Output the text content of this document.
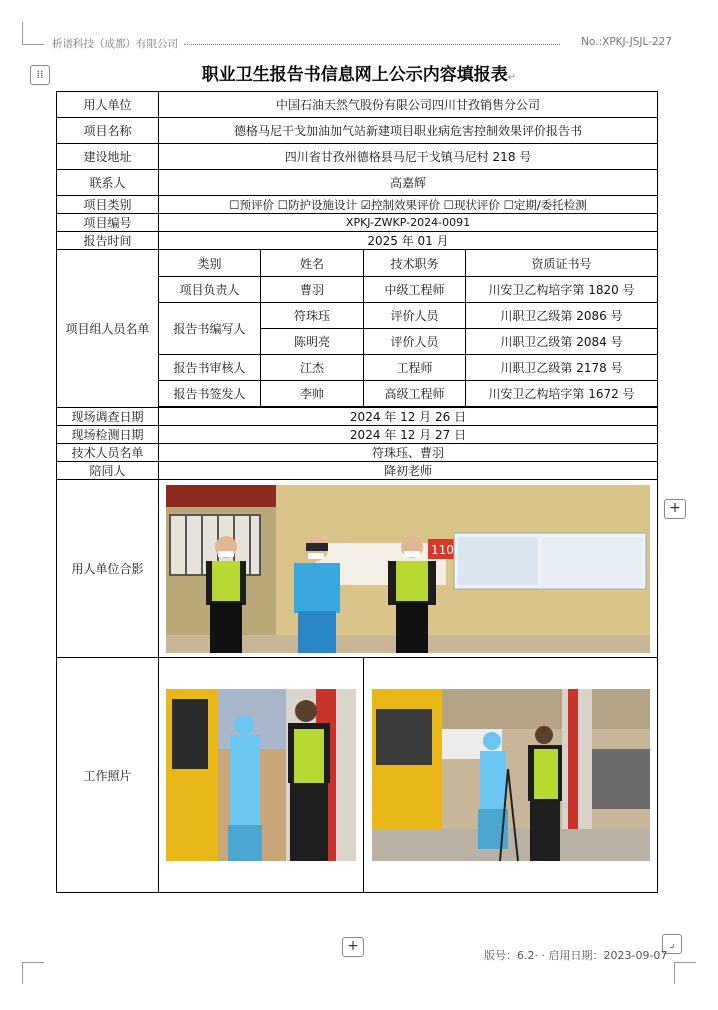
析谱科技（成都）有限公司	No.:XPKJ-JSJL-227
⁞⁞	职业卫生报告书信息网上公示内容填报表↵
用人单位	中国石油天然气股份有限公司四川甘孜销售分公司			
项目名称	德格马尼干戈加油加气站新建项目职业病危害控制效果评价报告书			
建设地址	四川省甘孜州德格县马尼干戈镇马尼村 218 号			
联系人	高嘉辉			
项目类别	☐预评价 ☐防护设施设计 ☑控制效果评价 ☐现状评价 ☐定期/委托检测			
项目编号	XPKJ-ZWKP-2024-0091			
报告时间	2025 年 01 月			
项目组人员名单	类别	姓名	技术职务	资质证书号
	项目负责人	曹羽	中级工程师	川安卫乙构培字第 1820 号
	报告书编写人	符珠珏	评价人员	川职卫乙级第 2086 号
		陈明亮	评价人员	川职卫乙级第 2084 号
	报告书审核人	江杰	工程师	川职卫乙级第 2178 号
	报告书签发人	李帅	高级工程师	川安卫乙构培字第 1672 号

现场调查日期	2024 年 12 月 26 日			
现场检测日期	2024 年 12 月 27 日			
技术人员名单	符珠珏、曹羽			
陪同人	降初老师			
用人单位合影	110			

工作照片	

+
+	⌟
版号：6.2· · 启用日期：2023-09-07
